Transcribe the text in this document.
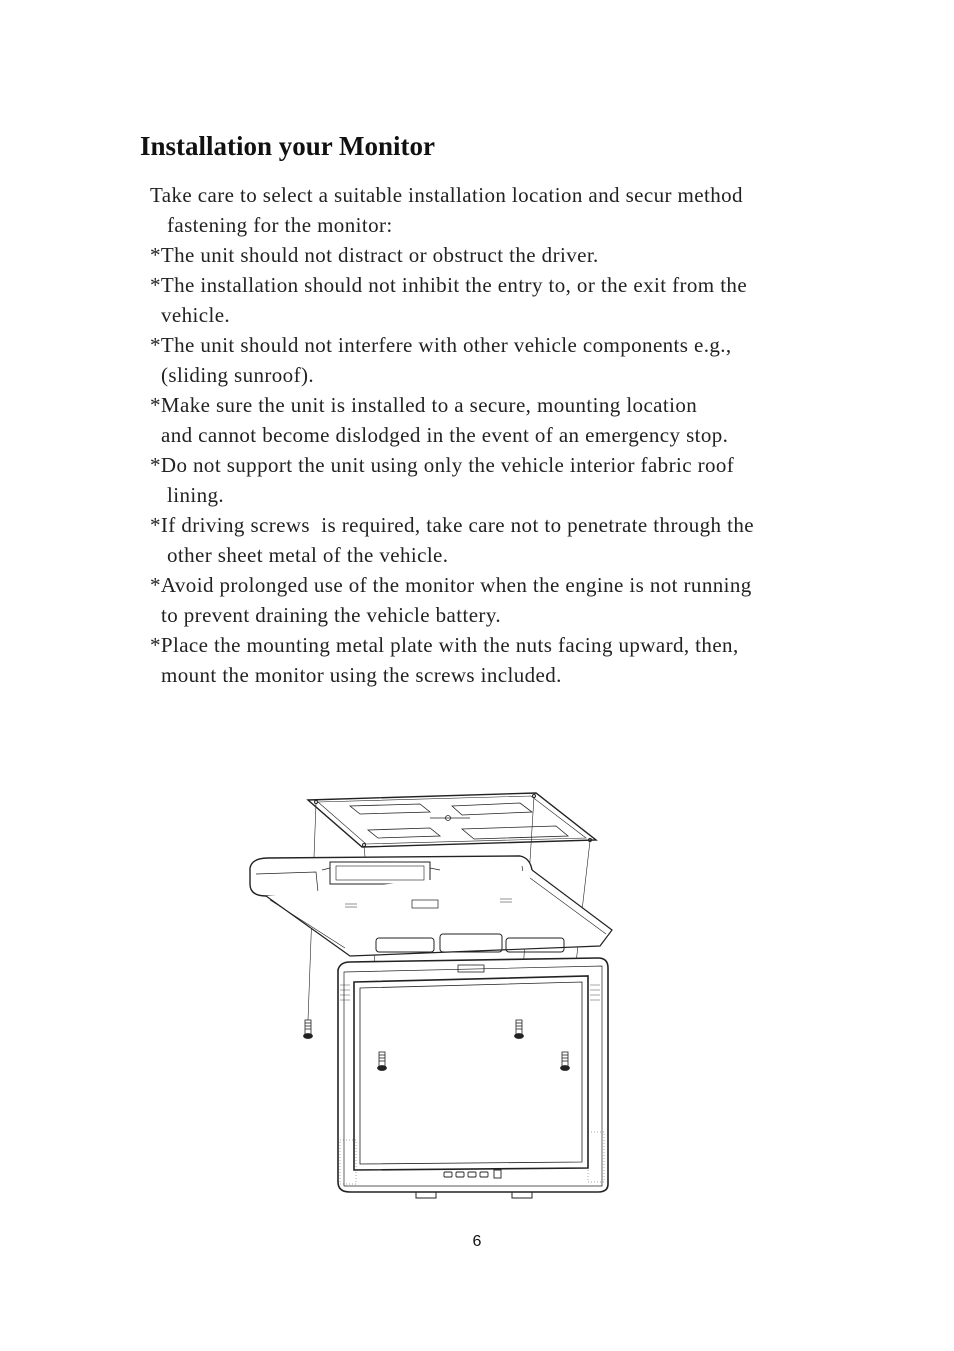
Installation your Monitor
Take care to select a suitable installation location and secur method
fastening for the monitor:
*The unit should not distract or obstruct the driver.
*The installation should not inhibit the entry to, or the exit from the
vehicle.
*The unit should not interfere with other vehicle components e.g.,
(sliding sunroof).
*Make sure the unit is installed to a secure, mounting location
and cannot become dislodged in the event of an emergency stop.
*Do not support the unit using only the vehicle interior fabric roof
lining.
*If driving screws  is required, take care not to penetrate through the
other sheet metal of the vehicle.
*Avoid prolonged use of the monitor when the engine is not running
to prevent draining the vehicle battery.
*Place the mounting metal plate with the nuts facing upward, then,
mount the monitor using the screws included.
6
